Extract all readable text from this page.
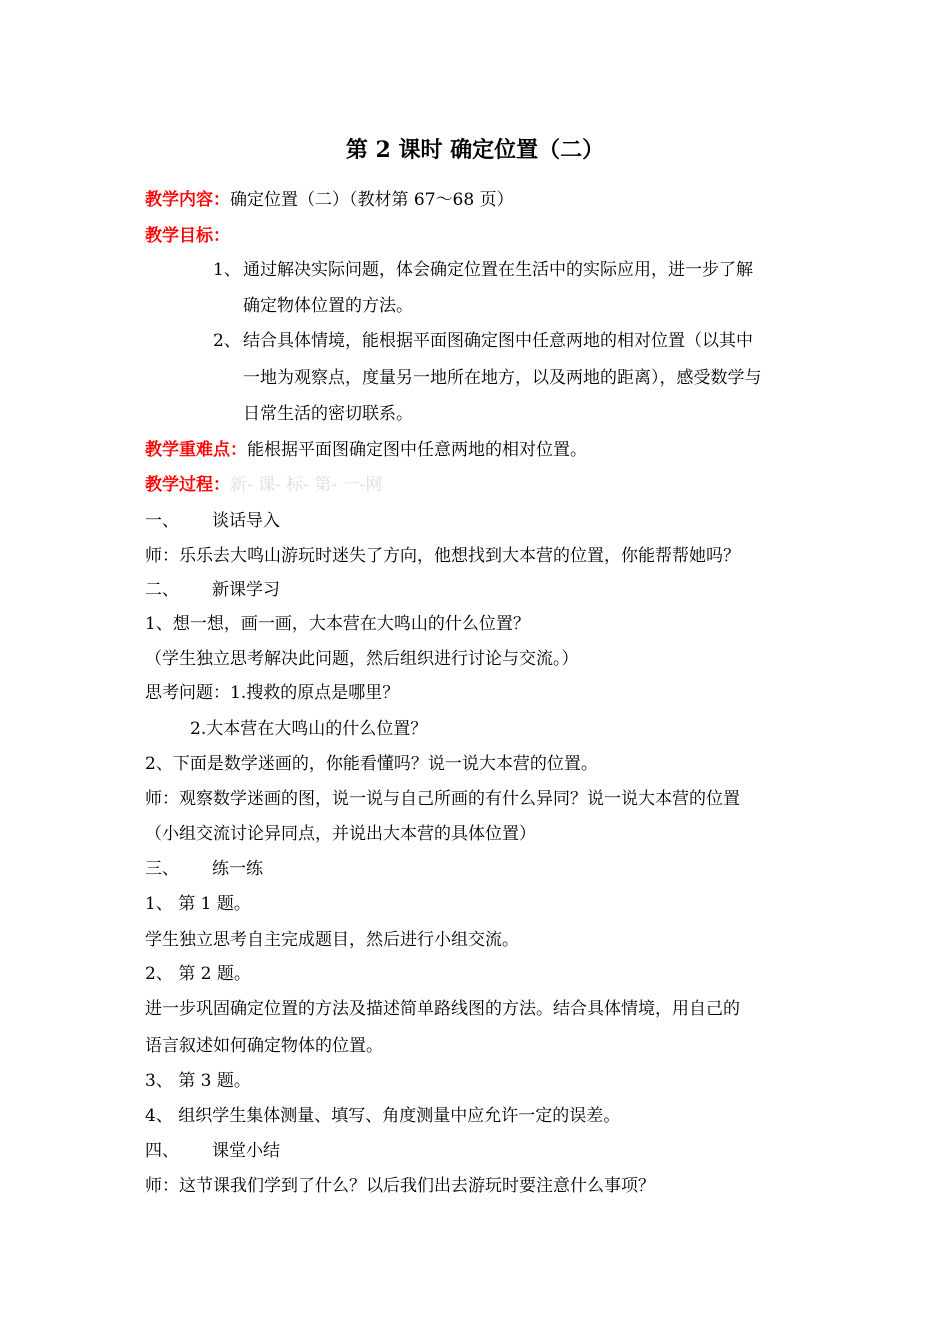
第 2 课时 确定位置（二）
教学内容：确定位置（二）（教材第 67～68 页）
教学目标：
1、 通过解决实际问题，体会确定位置在生活中的实际应用，进一步了解
确定物体位置的方法。
2、 结合具体情境，能根据平面图确定图中任意两地的相对位置（以其中
一地为观察点，度量另一地所在地方，以及两地的距离），感受数学与
日常生活的密切联系。
教学重难点：能根据平面图确定图中任意两地的相对位置。
教学过程：新- 课- 标- 第- 一-网
一、 谈话导入
师：乐乐去大鸣山游玩时迷失了方向，他想找到大本营的位置，你能帮帮她吗？
二、 新课学习
1、想一想，画一画，大本营在大鸣山的什么位置？
（学生独立思考解决此问题，然后组织进行讨论与交流。）
思考问题：1.搜救的原点是哪里？
2.大本营在大鸣山的什么位置？
2、下面是数学迷画的，你能看懂吗？说一说大本营的位置。
师：观察数学迷画的图，说一说与自己所画的有什么异同？说一说大本营的位置
（小组交流讨论异同点，并说出大本营的具体位置）
三、 练一练
1、 第 1 题。
学生独立思考自主完成题目，然后进行小组交流。
2、 第 2 题。
进一步巩固确定位置的方法及描述简单路线图的方法。结合具体情境，用自己的
语言叙述如何确定物体的位置。
3、 第 3 题。
4、 组织学生集体测量、填写、角度测量中应允许一定的误差。
四、 课堂小结
师：这节课我们学到了什么？以后我们出去游玩时要注意什么事项？
